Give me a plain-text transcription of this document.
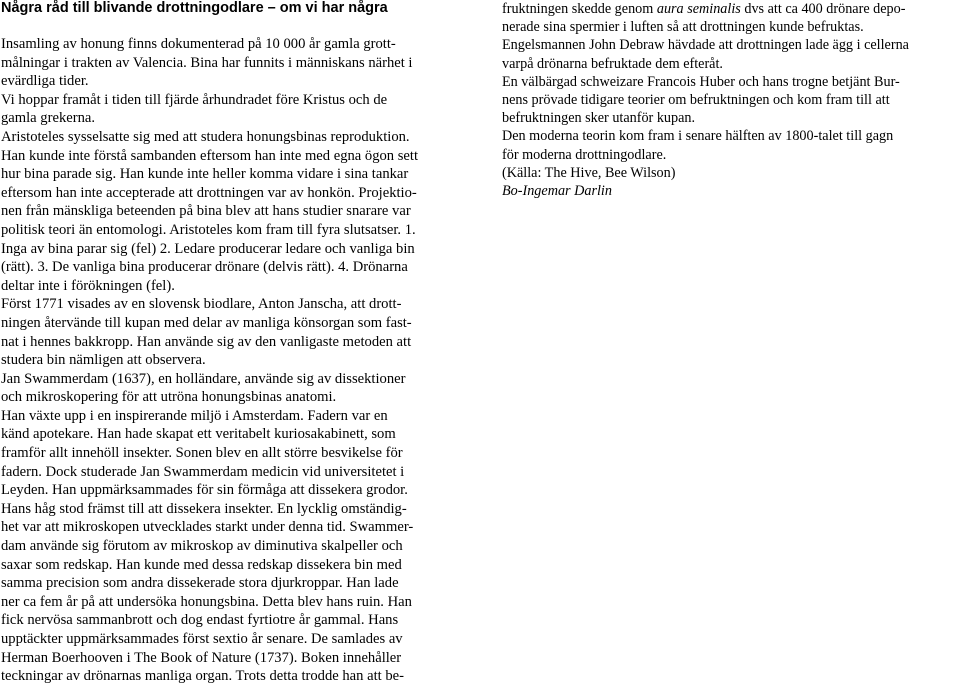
Några råd till blivande drottningodlare – om vi har några
Insamling av honung finns dokumenterad på 10 000 år gamla grott-
målningar i trakten av Valencia. Bina har funnits i människans närhet i
evärdliga tider.
Vi hoppar framåt i tiden till fjärde århundradet före Kristus och de
gamla grekerna.
Aristoteles sysselsatte sig med att studera honungsbinas reproduktion.
Han kunde inte förstå sambanden eftersom han inte med egna ögon sett
hur bina parade sig. Han kunde inte heller komma vidare i sina tankar
eftersom han inte accepterade att drottningen var av honkön. Projektio-
nen från mänskliga beteenden på bina blev att hans studier snarare var
politisk teori än entomologi. Aristoteles kom fram till fyra slutsatser. 1.
Inga av bina parar sig (fel) 2. Ledare producerar ledare och vanliga bin
(rätt). 3. De vanliga bina producerar drönare (delvis rätt). 4. Drönarna
deltar inte i förökningen (fel).
Först 1771 visades av en slovensk biodlare, Anton Janscha, att drott-
ningen återvände till kupan med delar av manliga könsorgan som fast-
nat i hennes bakkropp. Han använde sig av den vanligaste metoden att
studera bin nämligen att observera.
Jan Swammerdam (1637), en holländare, använde sig av dissektioner
och mikroskopering för att utröna honungsbinas anatomi.
Han växte upp i en inspirerande miljö i Amsterdam. Fadern var en
känd apotekare. Han hade skapat ett veritabelt kuriosakabinett, som
framför allt innehöll insekter. Sonen blev en allt större besvikelse för
fadern. Dock studerade Jan Swammerdam medicin vid universitetet i
Leyden. Han uppmärksammades för sin förmåga att dissekera grodor.
Hans håg stod främst till att dissekera insekter. En lycklig omständig-
het var att mikroskopen utvecklades starkt under denna tid. Swammer-
dam använde sig förutom av mikroskop av diminutiva skalpeller och
saxar som redskap. Han kunde med dessa redskap dissekera bin med
samma precision som andra dissekerade stora djurkroppar. Han lade
ner ca fem år på att undersöka honungsbina. Detta blev hans ruin. Han
fick nervösa sammanbrott och dog endast fyrtiotre år gammal. Hans
upptäckter uppmärksammades först sextio år senare. De samlades av
Herman Boerhooven i The Book of Nature (1737). Boken innehåller
teckningar av drönarnas manliga organ. Trots detta trodde han att be-
fruktningen skedde genom aura seminalis dvs att ca 400 drönare depo-
nerade sina spermier i luften så att drottningen kunde befruktas.
Engelsmannen John Debraw hävdade att drottningen lade ägg i cellerna
varpå drönarna befruktade dem efteråt.
En välbärgad schweizare Francois Huber och hans trogne betjänt Bur-
nens prövade tidigare teorier om befruktningen och kom fram till att
befruktningen sker utanför kupan.
Den moderna teorin kom fram i senare hälften av 1800-talet till gagn
för moderna drottningodlare.
(Källa: The Hive, Bee Wilson)
Bo-Ingemar Darlin
